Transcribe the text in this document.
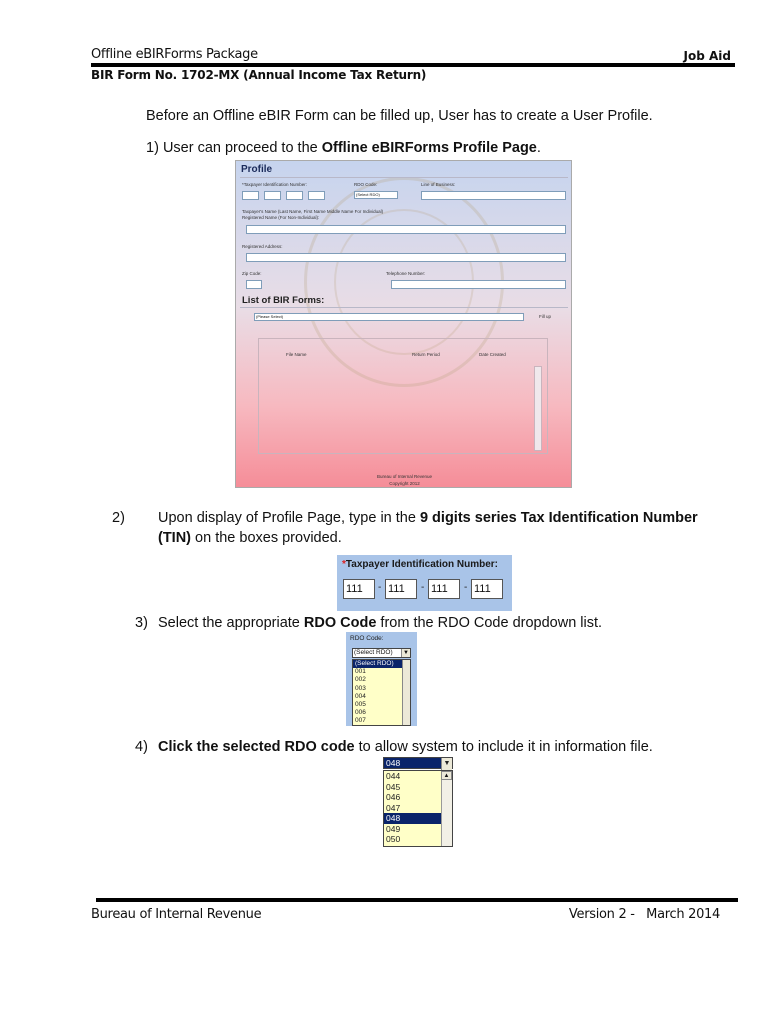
Offline eBIRForms Package	Job Aid
BIR Form No. 1702-MX (Annual Income Tax Return)
Before an Offline eBIR Form can be filled up, User has to create a User Profile.
1) User can proceed to the Offline eBIRForms Profile Page.
Profile
*Taxpayer Identification Number:	RDO Code:	Line of Business:
(Select RDO)
Taxpayer's Name (Last Name, First Name Middle Name For Individual)
Registered Name (For Non-Individual):
Registered Address:
Zip Code:	Telephone Number:
List of BIR Forms:
(Please Select)	Fill up
File Name	Return Period	Date Created
Bureau of Internal Revenue
Copyright 2012
2) Upon display of Profile Page, type in the 9 digits series Tax Identification Number (TIN) on the boxes provided.
*Taxpayer Identification Number:
111	- 111	- 111	- 111
3) Select the appropriate RDO Code from the RDO Code dropdown list.
RDO Code:
(Select RDO)	▼
(Select RDO)
001
002
003
004
005
006
007
4) Click the selected RDO code to allow system to include it in information file.
048	▼
044
045
046
047
048
049
050
▲
Bureau of Internal Revenue	Version 2 -   March 2014
